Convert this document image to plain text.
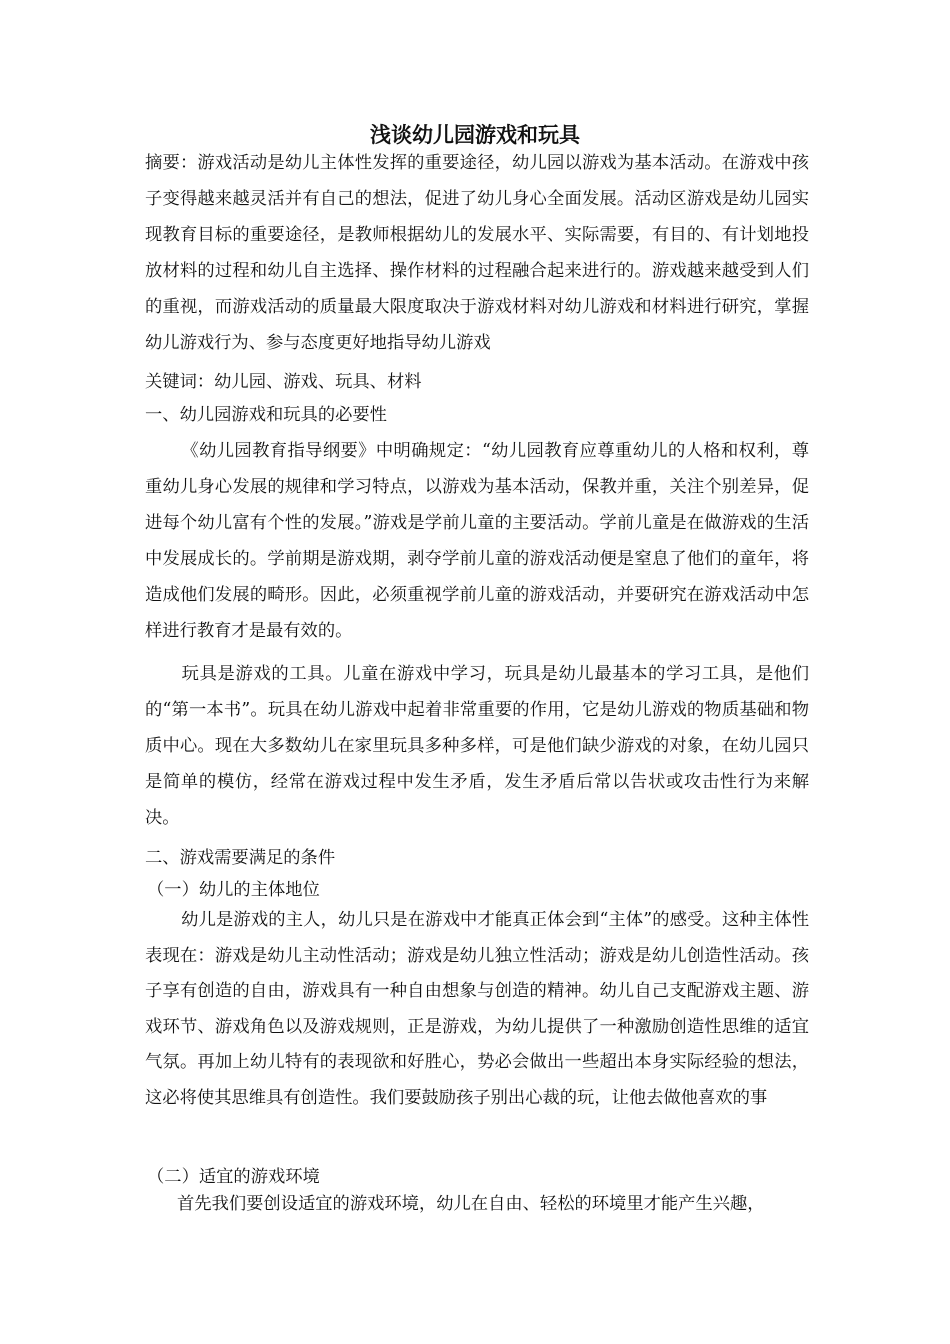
浅谈幼儿园游戏和玩具

摘要：游戏活动是幼儿主体性发挥的重要途径，幼儿园以游戏为基本活动。在游戏中孩子变得越来越灵活并有自己的想法，促进了幼儿身心全面发展。活动区游戏是幼儿园实现教育目标的重要途径，是教师根据幼儿的发展水平、实际需要，有目的、有计划地投放材料的过程和幼儿自主选择、操作材料的过程融合起来进行的。游戏越来越受到人们的重视，而游戏活动的质量最大限度取决于游戏材料对幼儿游戏和材料进行研究，掌握幼儿游戏行为、参与态度更好地指导幼儿游戏

关键词：幼儿园、游戏、玩具、材料

一、幼儿园游戏和玩具的必要性

《幼儿园教育指导纲要》中明确规定：“幼儿园教育应尊重幼儿的人格和权利，尊重幼儿身心发展的规律和学习特点，以游戏为基本活动，保教并重，关注个别差异，促进每个幼儿富有个性的发展。”游戏是学前儿童的主要活动。学前儿童是在做游戏的生活中发展成长的。学前期是游戏期，剥夺学前儿童的游戏活动便是窒息了他们的童年，将造成他们发展的畸形。因此，必须重视学前儿童的游戏活动，并要研究在游戏活动中怎样进行教育才是最有效的。

玩具是游戏的工具。儿童在游戏中学习，玩具是幼儿最基本的学习工具，是他们的“第一本书”。玩具在幼儿游戏中起着非常重要的作用，它是幼儿游戏的物质基础和物质中心。现在大多数幼儿在家里玩具多种多样，可是他们缺少游戏的对象，在幼儿园只是简单的模仿，经常在游戏过程中发生矛盾，发生矛盾后常以告状或攻击性行为来解决。

二、游戏需要满足的条件

（一）幼儿的主体地位

幼儿是游戏的主人，幼儿只是在游戏中才能真正体会到“主体”的感受。这种主体性表现在：游戏是幼儿主动性活动；游戏是幼儿独立性活动；游戏是幼儿创造性活动。孩子享有创造的自由，游戏具有一种自由想象与创造的精神。幼儿自己支配游戏主题、游戏环节、游戏角色以及游戏规则，正是游戏，为幼儿提供了一种激励创造性思维的适宜气氛。再加上幼儿特有的表现欲和好胜心，势必会做出一些超出本身实际经验的想法，这必将使其思维具有创造性。我们要鼓励孩子别出心裁的玩，让他去做他喜欢的事

（二）适宜的游戏环境

首先我们要创设适宜的游戏环境，幼儿在自由、轻松的环境里才能产生兴趣，
